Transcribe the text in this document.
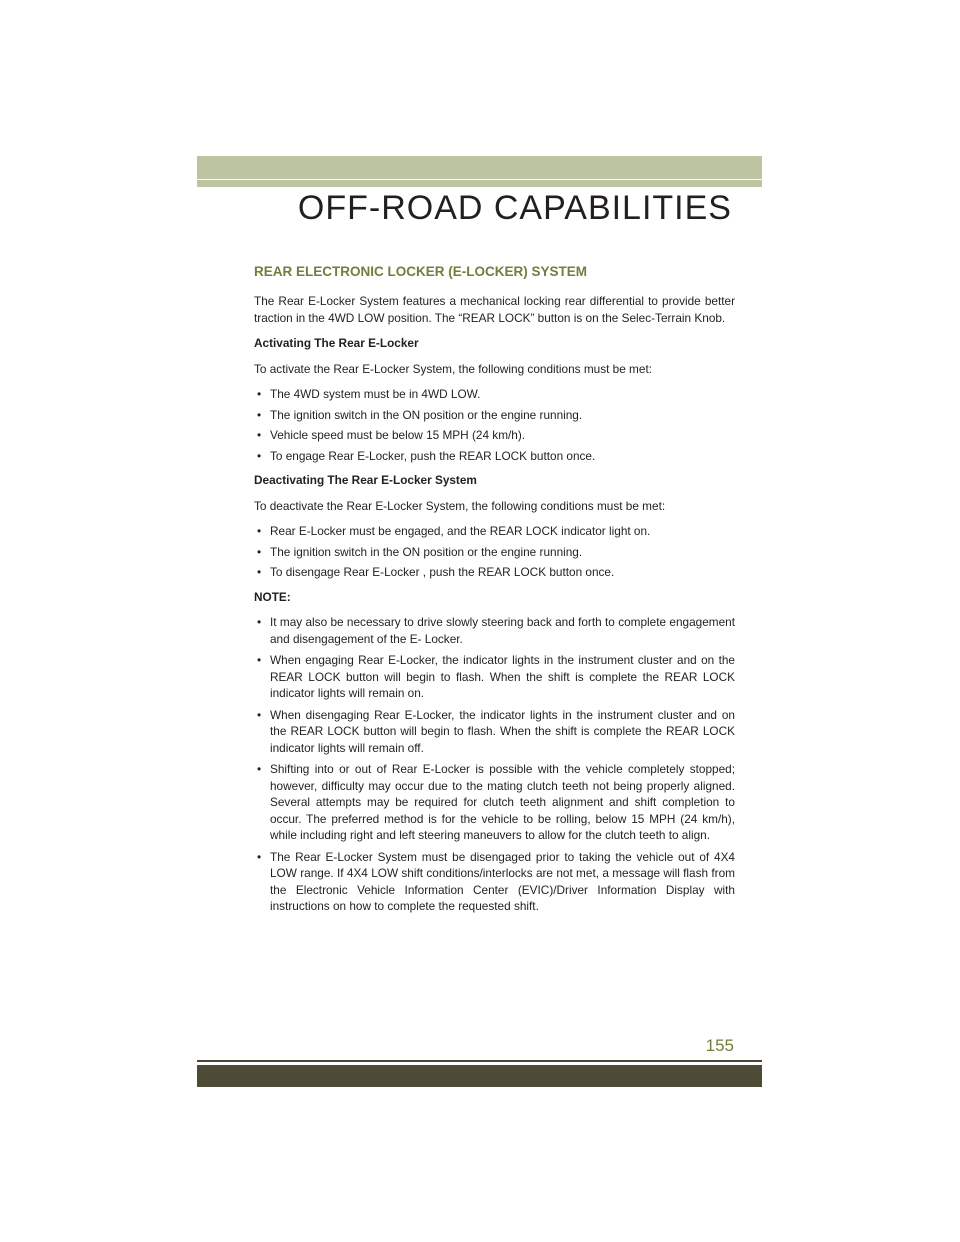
OFF-ROAD CAPABILITIES
REAR ELECTRONIC LOCKER (E-LOCKER) SYSTEM

The Rear E-Locker System features a mechanical locking rear differential to provide better traction in the 4WD LOW position. The “REAR LOCK” button is on the Selec-Terrain Knob.

Activating The Rear E-Locker

To activate the Rear E-Locker System, the following conditions must be met:

• The 4WD system must be in 4WD LOW.
• The ignition switch in the ON position or the engine running.
• Vehicle speed must be below 15 MPH (24 km/h).
• To engage Rear E-Locker, push the REAR LOCK button once.
Deactivating The Rear E-Locker System

To deactivate the Rear E-Locker System, the following conditions must be met:

• Rear E-Locker must be engaged, and the REAR LOCK indicator light on.
• The ignition switch in the ON position or the engine running.
• To disengage Rear E-Locker , push the REAR LOCK button once.
NOTE:
• It may also be necessary to drive slowly steering back and forth to complete engagement and disengagement of the E- Locker.
• When engaging Rear E-Locker, the indicator lights in the instrument cluster and on the REAR LOCK button will begin to flash. When the shift is complete the REAR LOCK indicator lights will remain on.
• When disengaging Rear E-Locker, the indicator lights in the instrument cluster and on the REAR LOCK button will begin to flash. When the shift is complete the REAR LOCK indicator lights will remain off.
• Shifting into or out of Rear E-Locker is possible with the vehicle completely stopped; however, difficulty may occur due to the mating clutch teeth not being properly aligned. Several attempts may be required for clutch teeth alignment and shift completion to occur. The preferred method is for the vehicle to be rolling, below 15 MPH (24 km/h), while including right and left steering maneuvers to allow for the clutch teeth to align.
• The Rear E-Locker System must be disengaged prior to taking the vehicle out of 4X4 LOW range. If 4X4 LOW shift conditions/interlocks are not met, a message will flash from the Electronic Vehicle Information Center (EVIC)/Driver Information Display with instructions on how to complete the requested shift.
155
